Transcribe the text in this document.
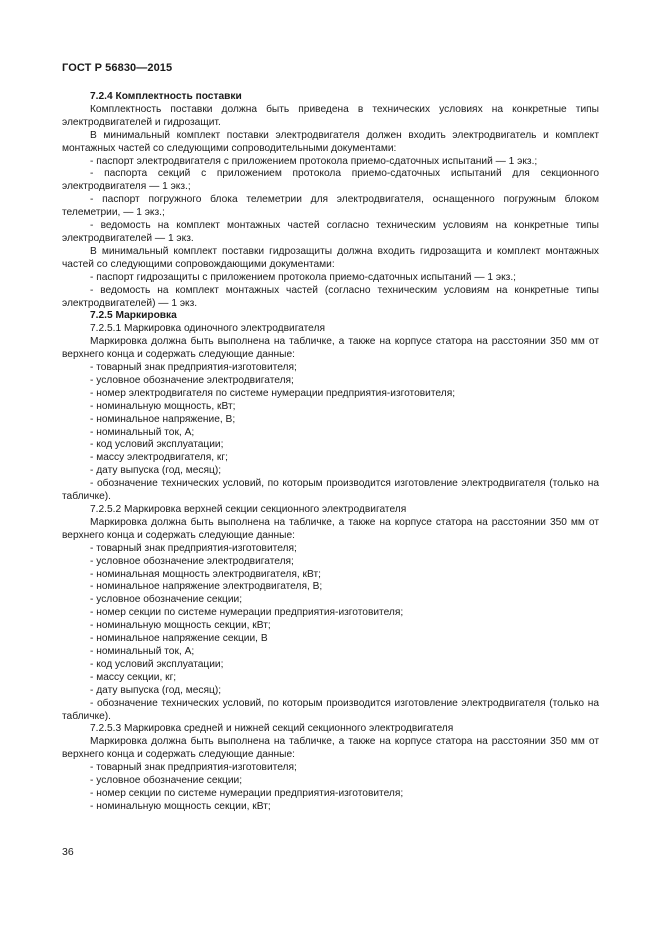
ГОСТ Р 56830—2015

7.2.4 Комплектность поставки

Комплектность поставки должна быть приведена в технических условиях на конкретные типы электродвигателей и гидрозащит.

В минимальный комплект поставки электродвигателя должен входить электродвигатель и комплект монтажных частей со следующими сопроводительными документами:

- паспорт электродвигателя с приложением протокола приемо-сдаточных испытаний — 1 экз.;

- паспорта секций с приложением протокола приемо-сдаточных испытаний для секционного электродвигателя — 1 экз.;

- паспорт погружного блока телеметрии для электродвигателя, оснащенного погружным блоком телеметрии, — 1 экз.;

- ведомость на комплект монтажных частей согласно техническим условиям на конкретные типы электродвигателей — 1 экз.

В минимальный комплект поставки гидрозащиты должна входить гидрозащита и комплект монтажных частей со следующими сопровождающими документами:

- паспорт гидрозащиты с приложением протокола приемо-сдаточных испытаний — 1 экз.;

- ведомость на комплект монтажных частей (согласно техническим условиям на конкретные типы электродвигателей) — 1 экз.

7.2.5 Маркировка

7.2.5.1 Маркировка одиночного электродвигателя

Маркировка должна быть выполнена на табличке, а также на корпусе статора на расстоянии 350 мм от верхнего конца и содержать следующие данные:

- товарный знак предприятия-изготовителя;

- условное обозначение электродвигателя;

- номер электродвигателя по системе нумерации предприятия-изготовителя;

- номинальную мощность, кВт;

- номинальное напряжение, В;

- номинальный ток, А;

- код условий эксплуатации;

- массу электродвигателя, кг;

- дату выпуска (год, месяц);

- обозначение технических условий, по которым производится изготовление электродвигателя (только на табличке).

7.2.5.2 Маркировка верхней секции секционного электродвигателя

Маркировка должна быть выполнена на табличке, а также на корпусе статора на расстоянии 350 мм от верхнего конца и содержать следующие данные:

- товарный знак предприятия-изготовителя;

- условное обозначение электродвигателя;

- номинальная мощность электродвигателя, кВт;

- номинальное напряжение электродвигателя, В;

- условное обозначение секции;

- номер секции по системе нумерации предприятия-изготовителя;

- номинальную мощность секции, кВт;

- номинальное напряжение секции, В

- номинальный ток, А;

- код условий эксплуатации;

- массу секции, кг;

- дату выпуска (год, месяц);

- обозначение технических условий, по которым производится изготовление электродвигателя (только на табличке).

7.2.5.3 Маркировка средней и нижней секций секционного электродвигателя

Маркировка должна быть выполнена на табличке, а также на корпусе статора на расстоянии 350 мм от верхнего конца и содержать следующие данные:

- товарный знак предприятия-изготовителя;

- условное обозначение секции;

- номер секции по системе нумерации предприятия-изготовителя;

- номинальную мощность секции, кВт;

36
